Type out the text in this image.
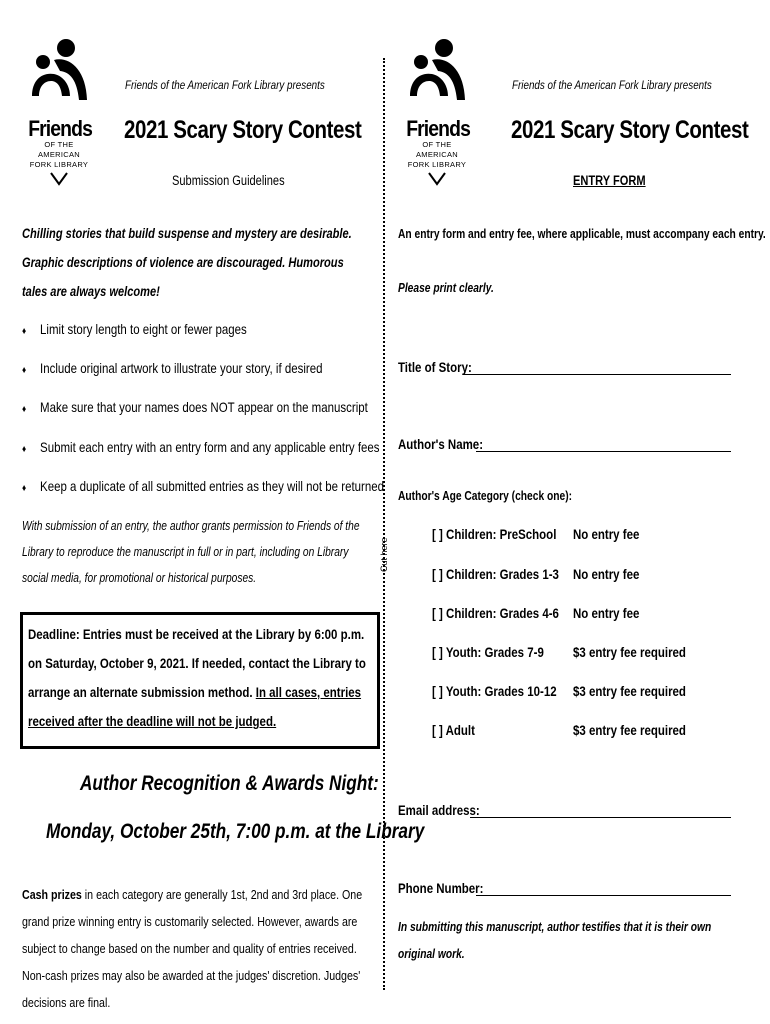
Friends
OF THE AMERICAN
FORK LIBRARY
Friends of the American Fork Library presents
2021 Scary Story Contest
Submission Guidelines
Chilling stories that build suspense and mystery are desirable. Graphic descriptions of violence are discouraged. Humorous tales are always welcome!
♦ Limit story length to eight or fewer pages
♦ Include original artwork to illustrate your story, if desired
♦ Make sure that your names does NOT appear on the manuscript
♦ Submit each entry with an entry form and any applicable entry fees
♦ Keep a duplicate of all submitted entries as they will not be returned
With submission of an entry, the author grants permission to Friends of the Library to reproduce the manuscript in full or in part, including on Library social media, for promotional or historical purposes.
Deadline: Entries must be received at the Library by 6:00 p.m. on Saturday, October 9, 2021. If needed, contact the Library to arrange an alternate submission method. In all cases, entries received after the deadline will not be judged.
Author Recognition & Awards Night:
Monday, October 25th, 7:00 p.m. at the Library
Cash prizes in each category are generally 1st, 2nd and 3rd place. One grand prize winning entry is customarily selected. However, awards are subject to change based on the number and quality of entries received. Non-cash prizes may also be awarded at the judges' discretion. Judges' decisions are final.
Cut here
Friends
OF THE AMERICAN
FORK LIBRARY
Friends of the American Fork Library presents
2021 Scary Story Contest
ENTRY FORM
An entry form and entry fee, where applicable, must accompany each entry.
Please print clearly.
Title of Story:
Author's Name:
Author's Age Category (check one):
[ ] Children: PreSchool No entry fee
[ ] Children: Grades 1-3 No entry fee
[ ] Children: Grades 4-6 No entry fee
[ ] Youth: Grades 7-9 $3 entry fee required
[ ] Youth: Grades 10-12 $3 entry fee required
[ ] Adult	$3 entry fee required
Email address:
Phone Number:
In submitting this manuscript, author testifies that it is their own original work.
